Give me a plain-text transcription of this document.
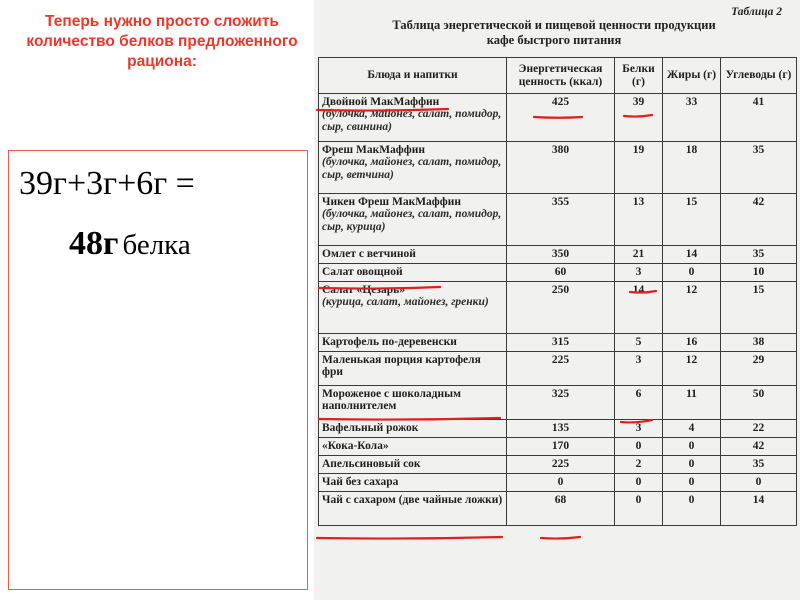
Теперь нужно просто сложить количество белков предложенного рациона:
39г+3г+6г =
48г белка
Таблица 2
Таблица энергетической и пищевой ценности продукции
кафе быстрого питания
Блюда и напитки	Энергетическая ценность (ккал)	Белки (г)	Жиры (г)	Углеводы (г)

Двойной МакМаффин
(булочка, майонез, салат, помидор, сыр, свинина)	425	39	33	41

Фреш МакМаффин
(булочка, майонез, салат, помидор, сыр, ветчина)	380	19	18	35

Чикен Фреш МакМаффин
(булочка, майонез, салат, помидор, сыр, курица)	355	13	15	42

Омлет с ветчиной	350	21	14	35

Салат овощной	60	3	0	10

Салат «Цезарь»
(курица, салат, майонез, гренки)	250	14	12	15

Картофель по-деревенски	315	5	16	38

Маленькая порция картофеля фри	225	3	12	29

Мороженое с шоколадным наполнителем	325	6	11	50

Вафельный рожок	135	3	4	22

«Кока-Кола»	170	0	0	42

Апельсиновый сок	225	2	0	35

Чай без сахара	0	0	0	0

Чай с сахаром (две чайные ложки)	68	0	0	14
